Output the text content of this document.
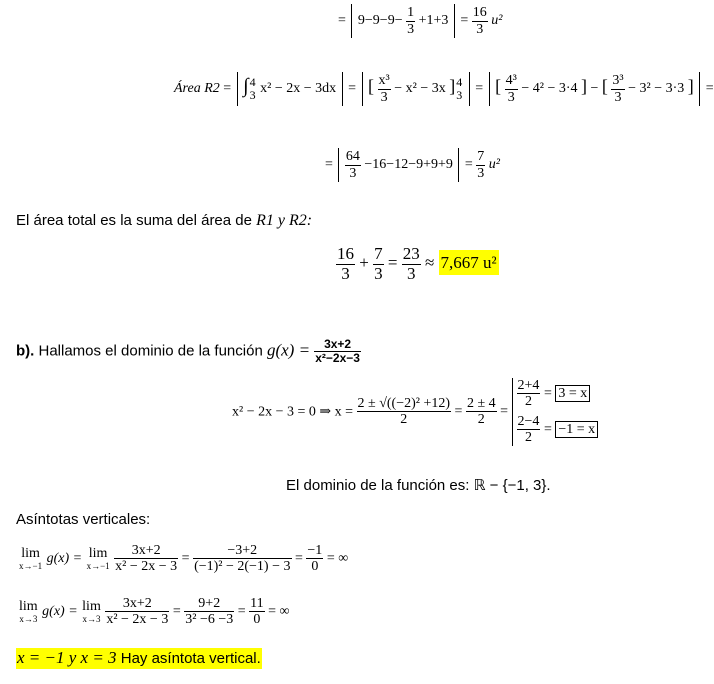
= $9-9-9- \frac{1}{3} +1+3 = \frac{16}{3} u^2$
Área R2 = ∫ 4
3 x² − 2x − 3dx = [ $\frac{\text{x³}}{3} - x^2 - 3x$ ] 4
3 = [ $\frac{\text{4³}}{3} - 4^2 - 3\cdot 4$ ] − [ $\frac{\text{3³}}{3} - 3^2 - 3\cdot 3$ ] =
= $\frac{64}{3} -16-12-9+9+9 = \frac{7}{3} u^2$
El área total es la suma del área de R1 y R2:
$\frac{16}{3} + \frac{7}{3} = \frac{23}{3} \approx 7,667$ u²
b). Hallamos el dominio de la función $g(x) = \frac{3x+2}{\text{x²−2x−3}}$
x² − 2x − 3 = 0 ⇒ $x = \frac{\text{2 ± √((−2)² +12)}}{2} = \frac{2 \pm 4}{2}$ =
$\frac{2+4}{2} = 3 = x$
$\frac{2-4}{2} = -1 = x$
El dominio de la función es: ℝ − {−1, 3}.
Asíntotas verticales:
lim
x→−1 g(x) = lim
x→−1
$\frac{3x+2}{\text{x² − 2x − 3}} = \frac{-3+2}{\text{(−1)² − 2(−1) − 3}} = \frac{-1}{0}$ = ∞
lim
x→3 g(x) = lim
x→3
$\frac{3x+2}{\text{x² − 2x − 3}} = \frac{9+2}{\text{3² −6 −3}} = \frac{11}{0}$ = ∞
x = −1 y x = 3 Hay asíntota vertical.
